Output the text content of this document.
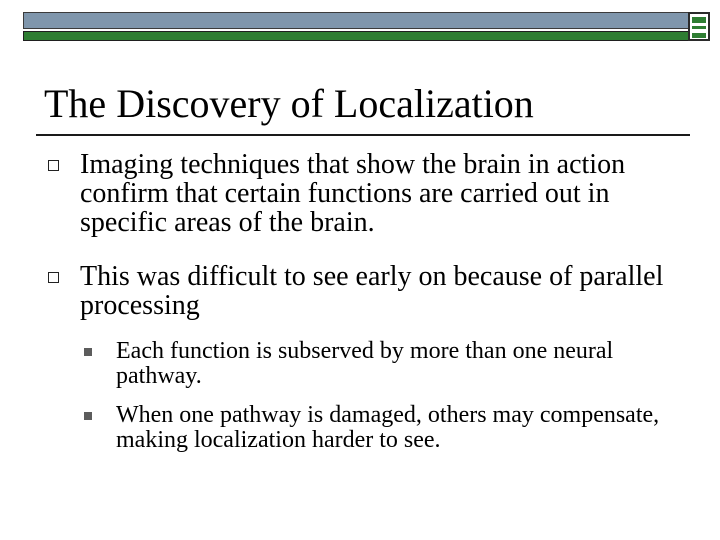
The Discovery of Localization
Imaging techniques that show the brain in action confirm that certain functions are carried out in specific areas of the brain.
This was difficult to see early on because of parallel processing
Each function is subserved by more than one neural pathway.
When one pathway is damaged, others may compensate, making localization harder to see.
